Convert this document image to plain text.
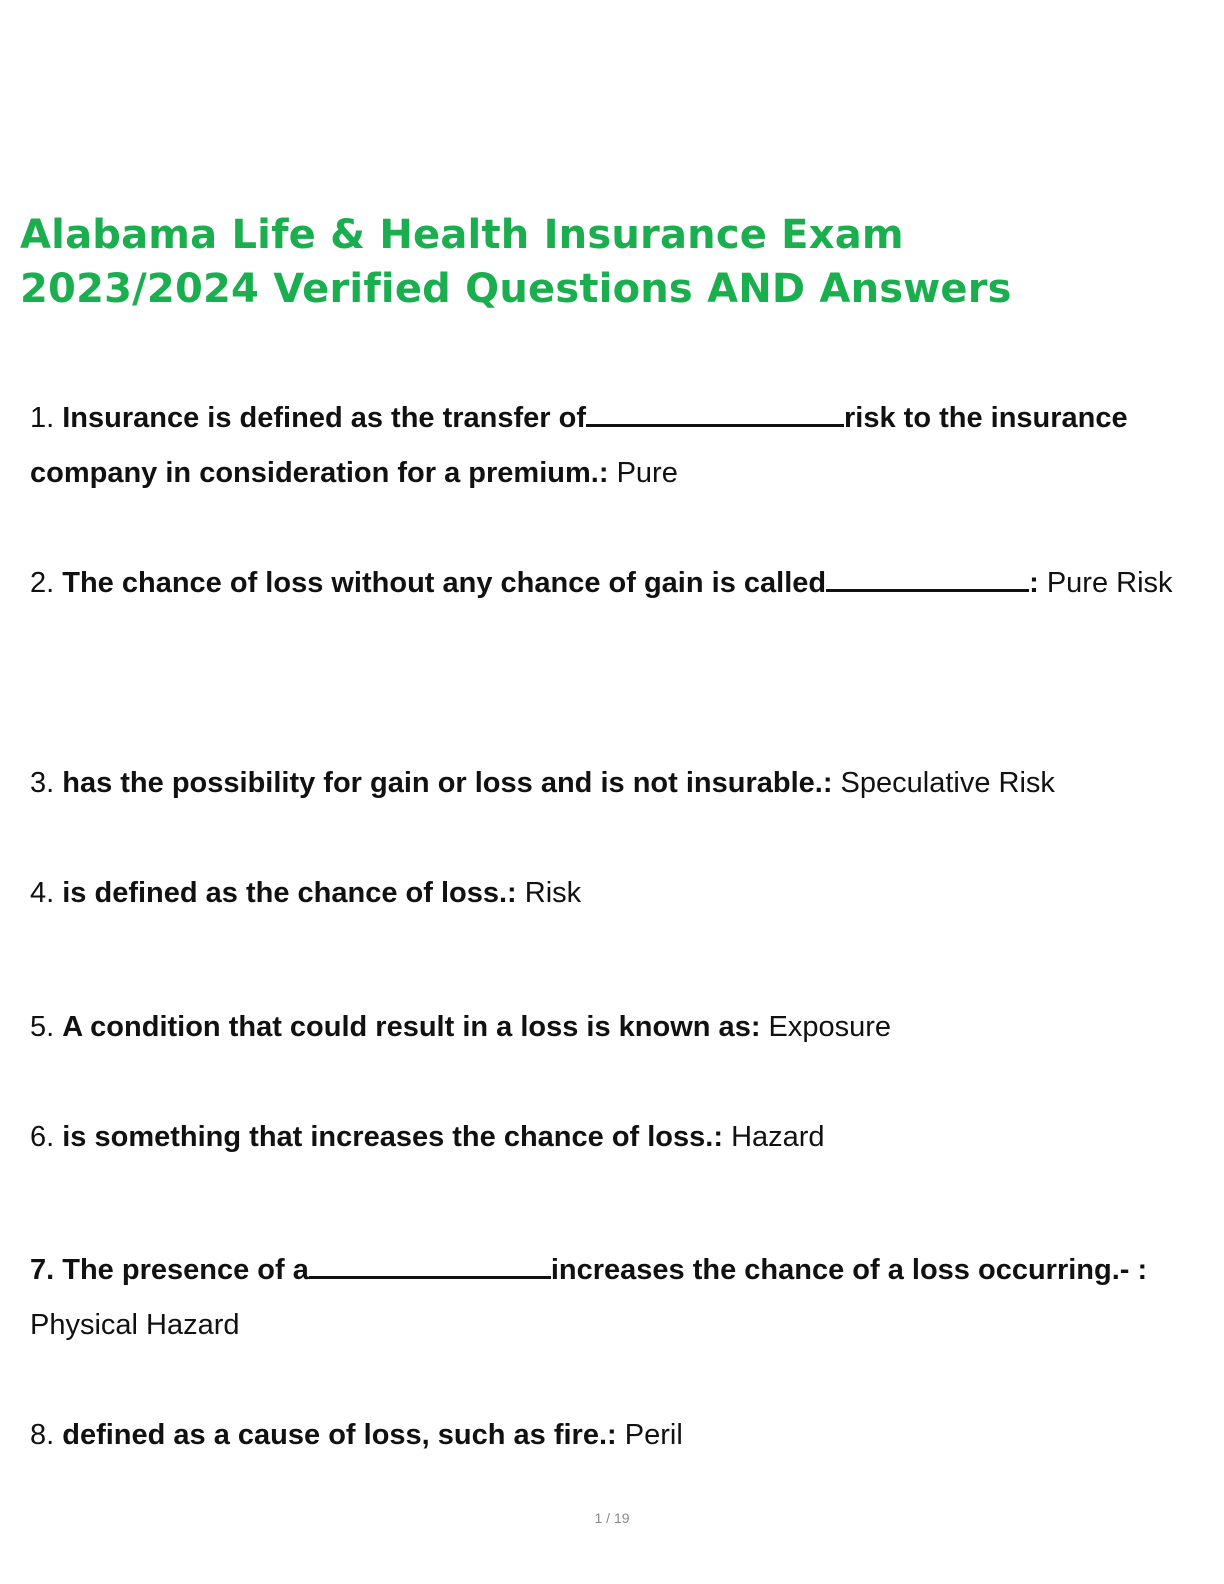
Alabama Life & Health Insurance Exam
2023/2024 Verified Questions AND Answers

1. Insurance is defined as the transfer of	risk to the insurance company in consideration for a premium.: Pure

2. The chance of loss without any chance of gain is called	: Pure Risk

3. has the possibility for gain or loss and is not insurable.: Speculative Risk

4. is defined as the chance of loss.: Risk

5. A condition that could result in a loss is known as: Exposure

6. is something that increases the chance of loss.: Hazard

7. The presence of a	increases the chance of a loss occurring.- : Physical Hazard

8. defined as a cause of loss, such as fire.: Peril

1 / 19
